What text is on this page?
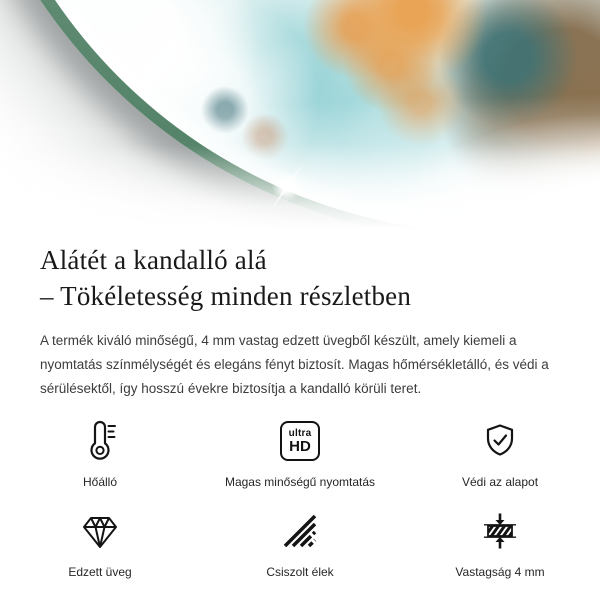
Alátét a kandalló alá
– Tökéletesség minden részletben

A termék kiváló minőségű, 4 mm vastag edzett üvegből készült, amely kiemeli a nyomtatás színmélységét és elegáns fényt biztosít. Magas hőmérsékletálló, és védi a sérülésektől, így hosszú évekre biztosítja a kandalló körüli teret.

Hőálló
ultra
HD
Magas minőségű nyomtatás	Védi az alapot
Edzett üveg	Csiszolt élek	Vastagság 4 mm
